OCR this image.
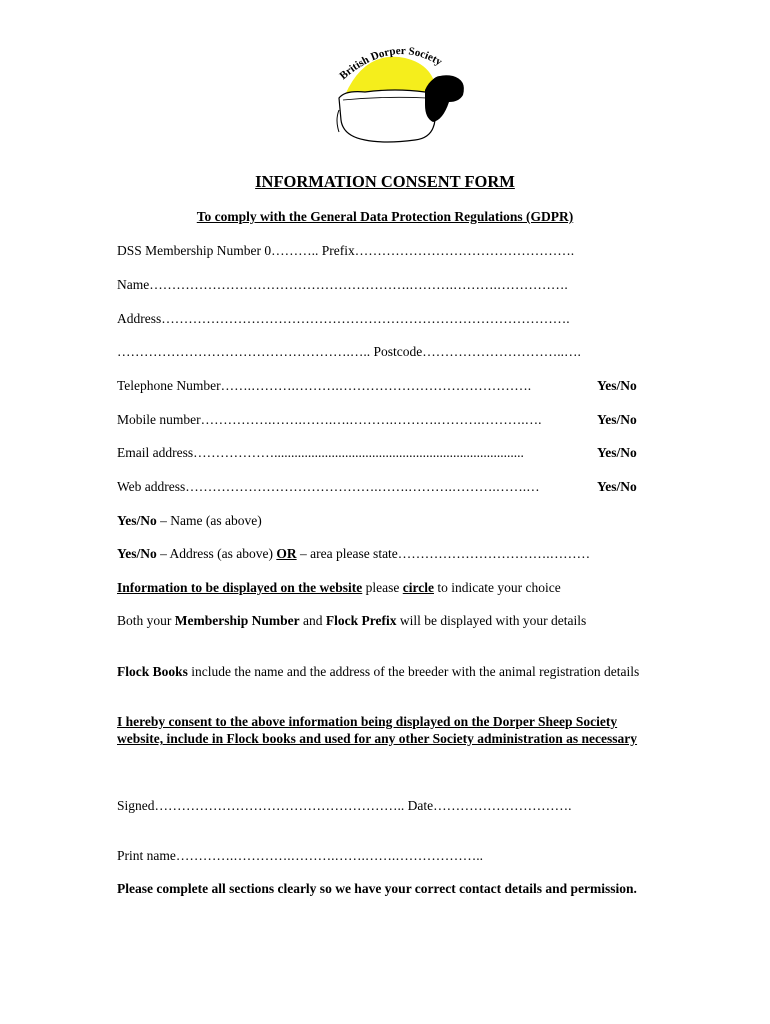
British Dorper Society
INFORMATION CONSENT FORM
To comply with the General Data Protection Regulations (GDPR)
DSS Membership Number 0……….. Prefix………………………………………….
Name………………………………………………….……….……….…………….
Address……………………………………………………………………………….
…………………………………………….….. Postcode…………………………..….
Telephone Number…….……….……….…………………………………….	Yes/No
Mobile number…………….…….…….….……….……….……….……….….	Yes/No
Email address………………..........................................................................	Yes/No
Web address…………………………………….…….……….……….…….…	Yes/No
Yes/No – Name (as above)
Yes/No – Address (as above) OR – area please state…………………………….………
Information to be displayed on the website please circle to indicate your choice
Both your Membership Number and Flock Prefix will be displayed with your details
Flock Books include the name and the address of the breeder with the animal registration details
I hereby consent to the above information being displayed on the Dorper Sheep Society website, include in Flock books and used for any other Society administration as necessary
Signed……………………………………………….. Date………………………….
Print name………….………….……….…….…….………………..
Please complete all sections clearly so we have your correct contact details and permission.
